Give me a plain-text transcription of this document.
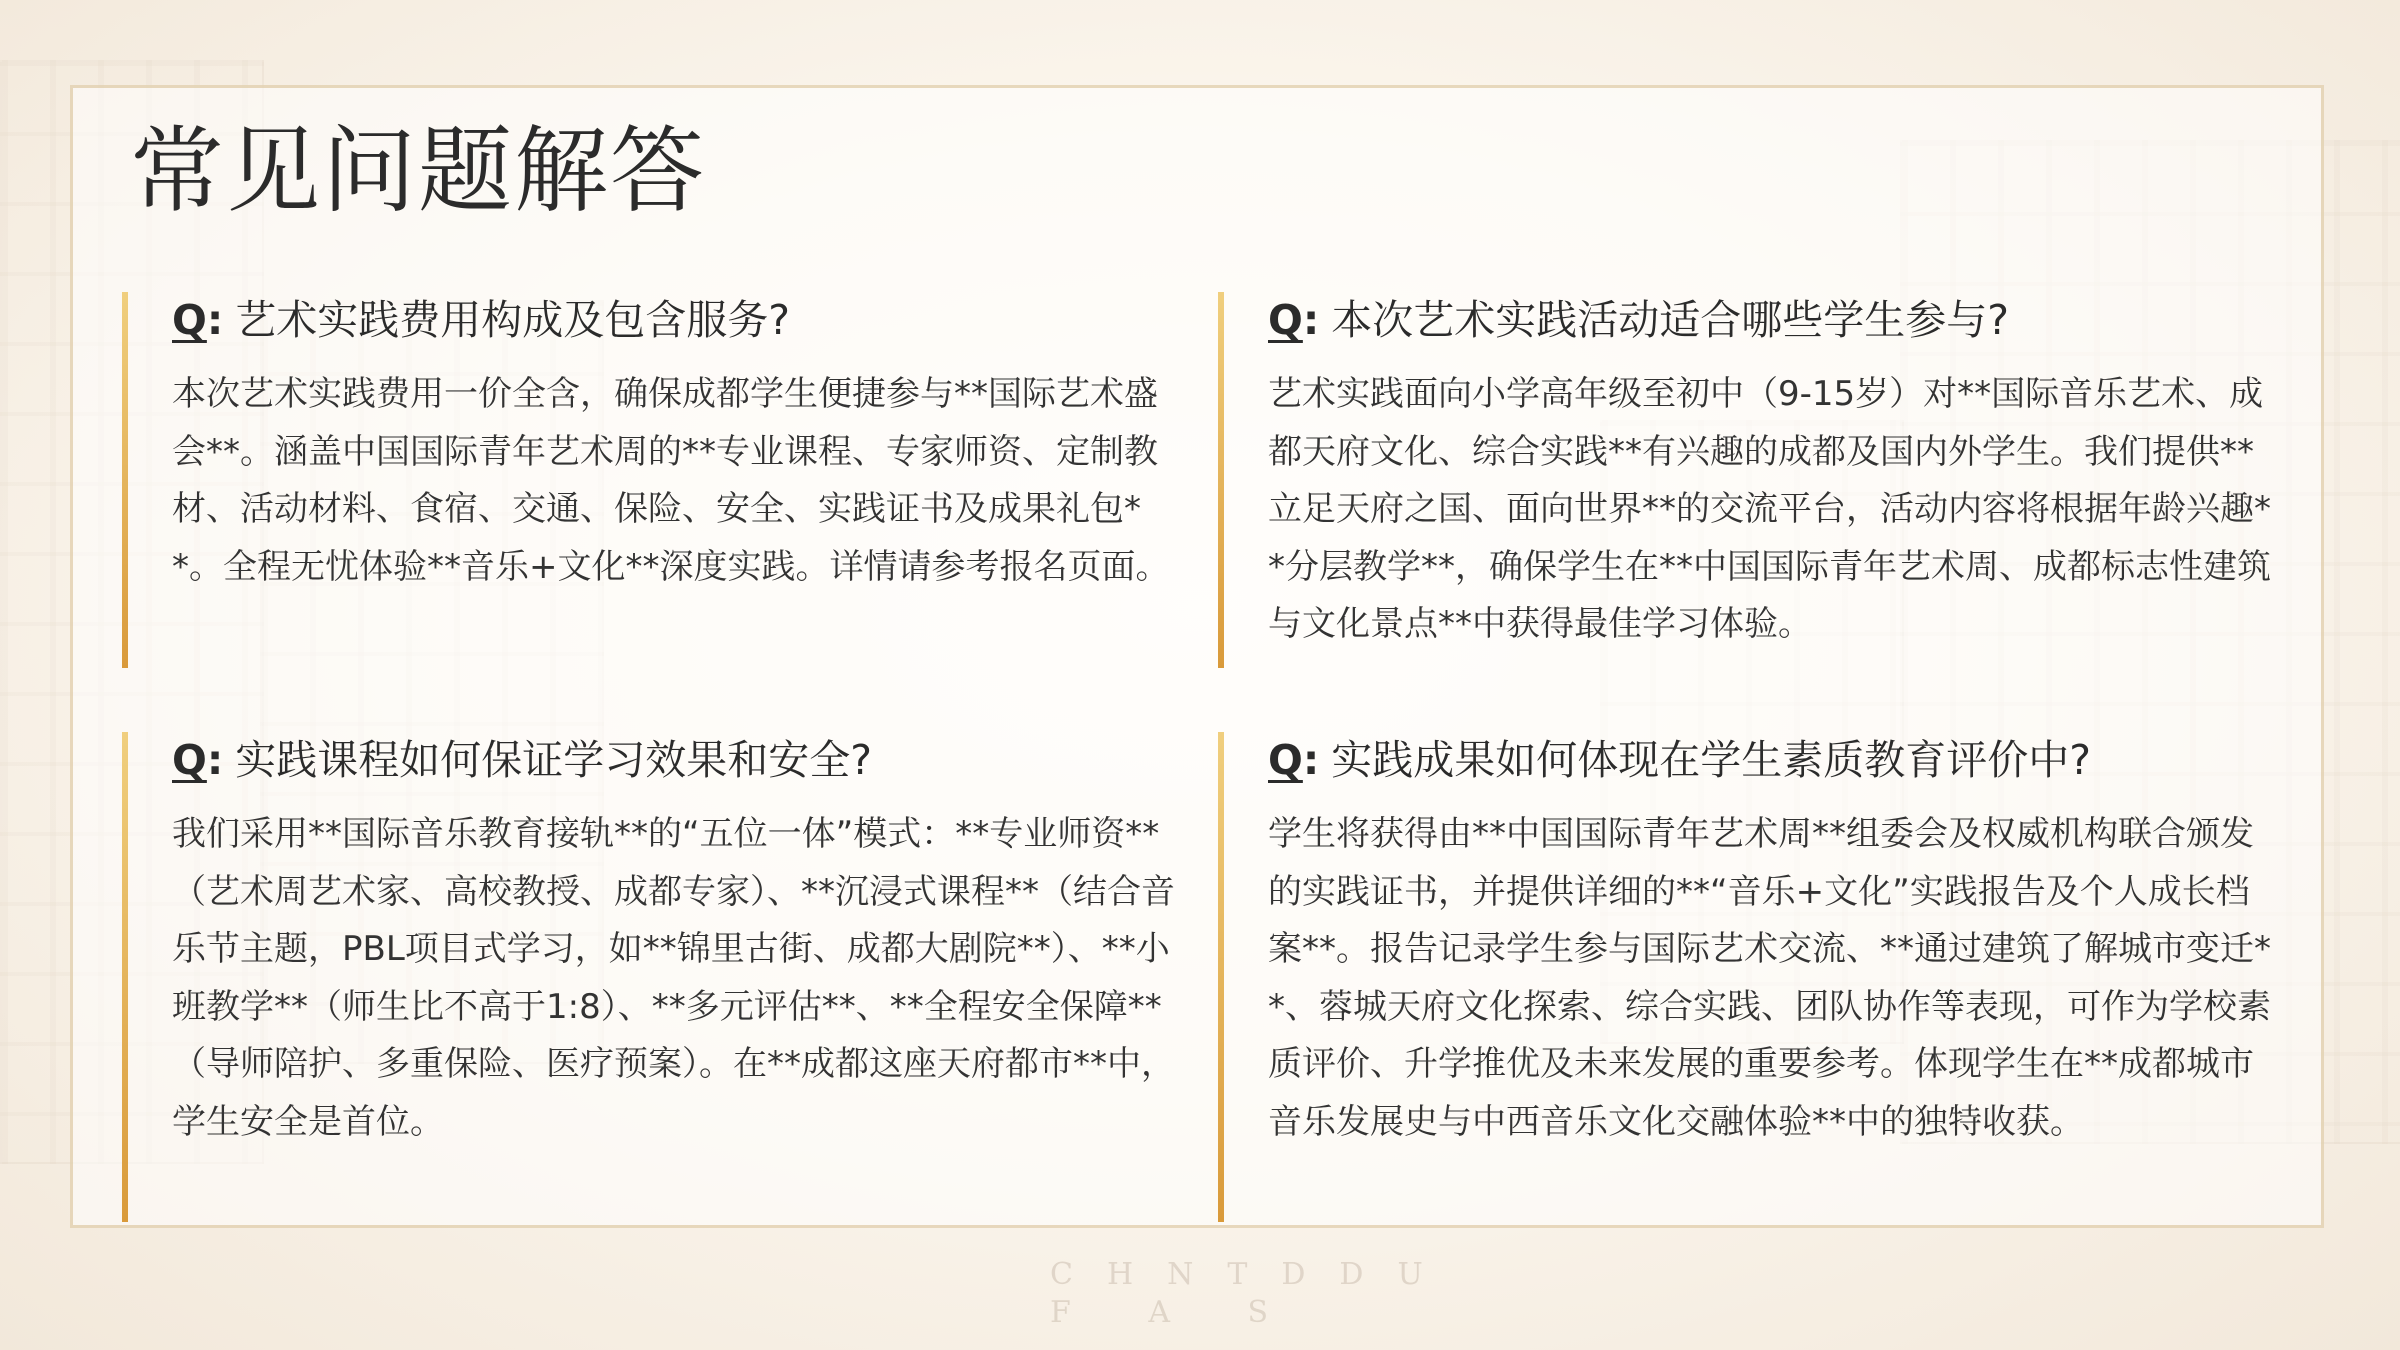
常见问题解答
Q: 艺术实践费用构成及包含服务?

本次艺术实践费用一价全含，确保成都学生便捷参与**国际艺术盛会**。涵盖中国国际青年艺术周的**专业课程、专家师资、定制教材、活动材料、食宿、交通、保险、安全、实践证书及成果礼包**。全程无忧体验**音乐+文化**深度实践。详情请参考报名页面。

Q: 本次艺术实践活动适合哪些学生参与?

艺术实践面向小学高年级至初中（9-15岁）对**国际音乐艺术、成都天府文化、综合实践**有兴趣的成都及国内外学生。我们提供**立足天府之国、面向世界**的交流平台，活动内容将根据年龄兴趣**分层教学**，确保学生在**中国国际青年艺术周、成都标志性建筑与文化景点**中获得最佳学习体验。

Q: 实践课程如何保证学习效果和安全?

我们采用**国际音乐教育接轨**的“五位一体”模式：**专业师资**（艺术周艺术家、高校教授、成都专家）、**沉浸式课程**（结合音乐节主题，PBL项目式学习，如**锦里古街、成都大剧院**）、**小班教学**（师生比不高于1:8）、**多元评估**、**全程安全保障**（导师陪护、多重保险、医疗预案）。在**成都这座天府都市**中，学生安全是首位。

Q: 实践成果如何体现在学生素质教育评价中?

学生将获得由**中国国际青年艺术周**组委会及权威机构联合颁发的实践证书，并提供详细的**“音乐+文化”实践报告及个人成长档案**。报告记录学生参与国际艺术交流、**通过建筑了解城市变迁**、蓉城天府文化探索、综合实践、团队协作等表现，可作为学校素质评价、升学推优及未来发展的重要参考。体现学生在**成都城市音乐发展史与中西音乐文化交融体验**中的独特收获。

CHNTDDU
F A S
